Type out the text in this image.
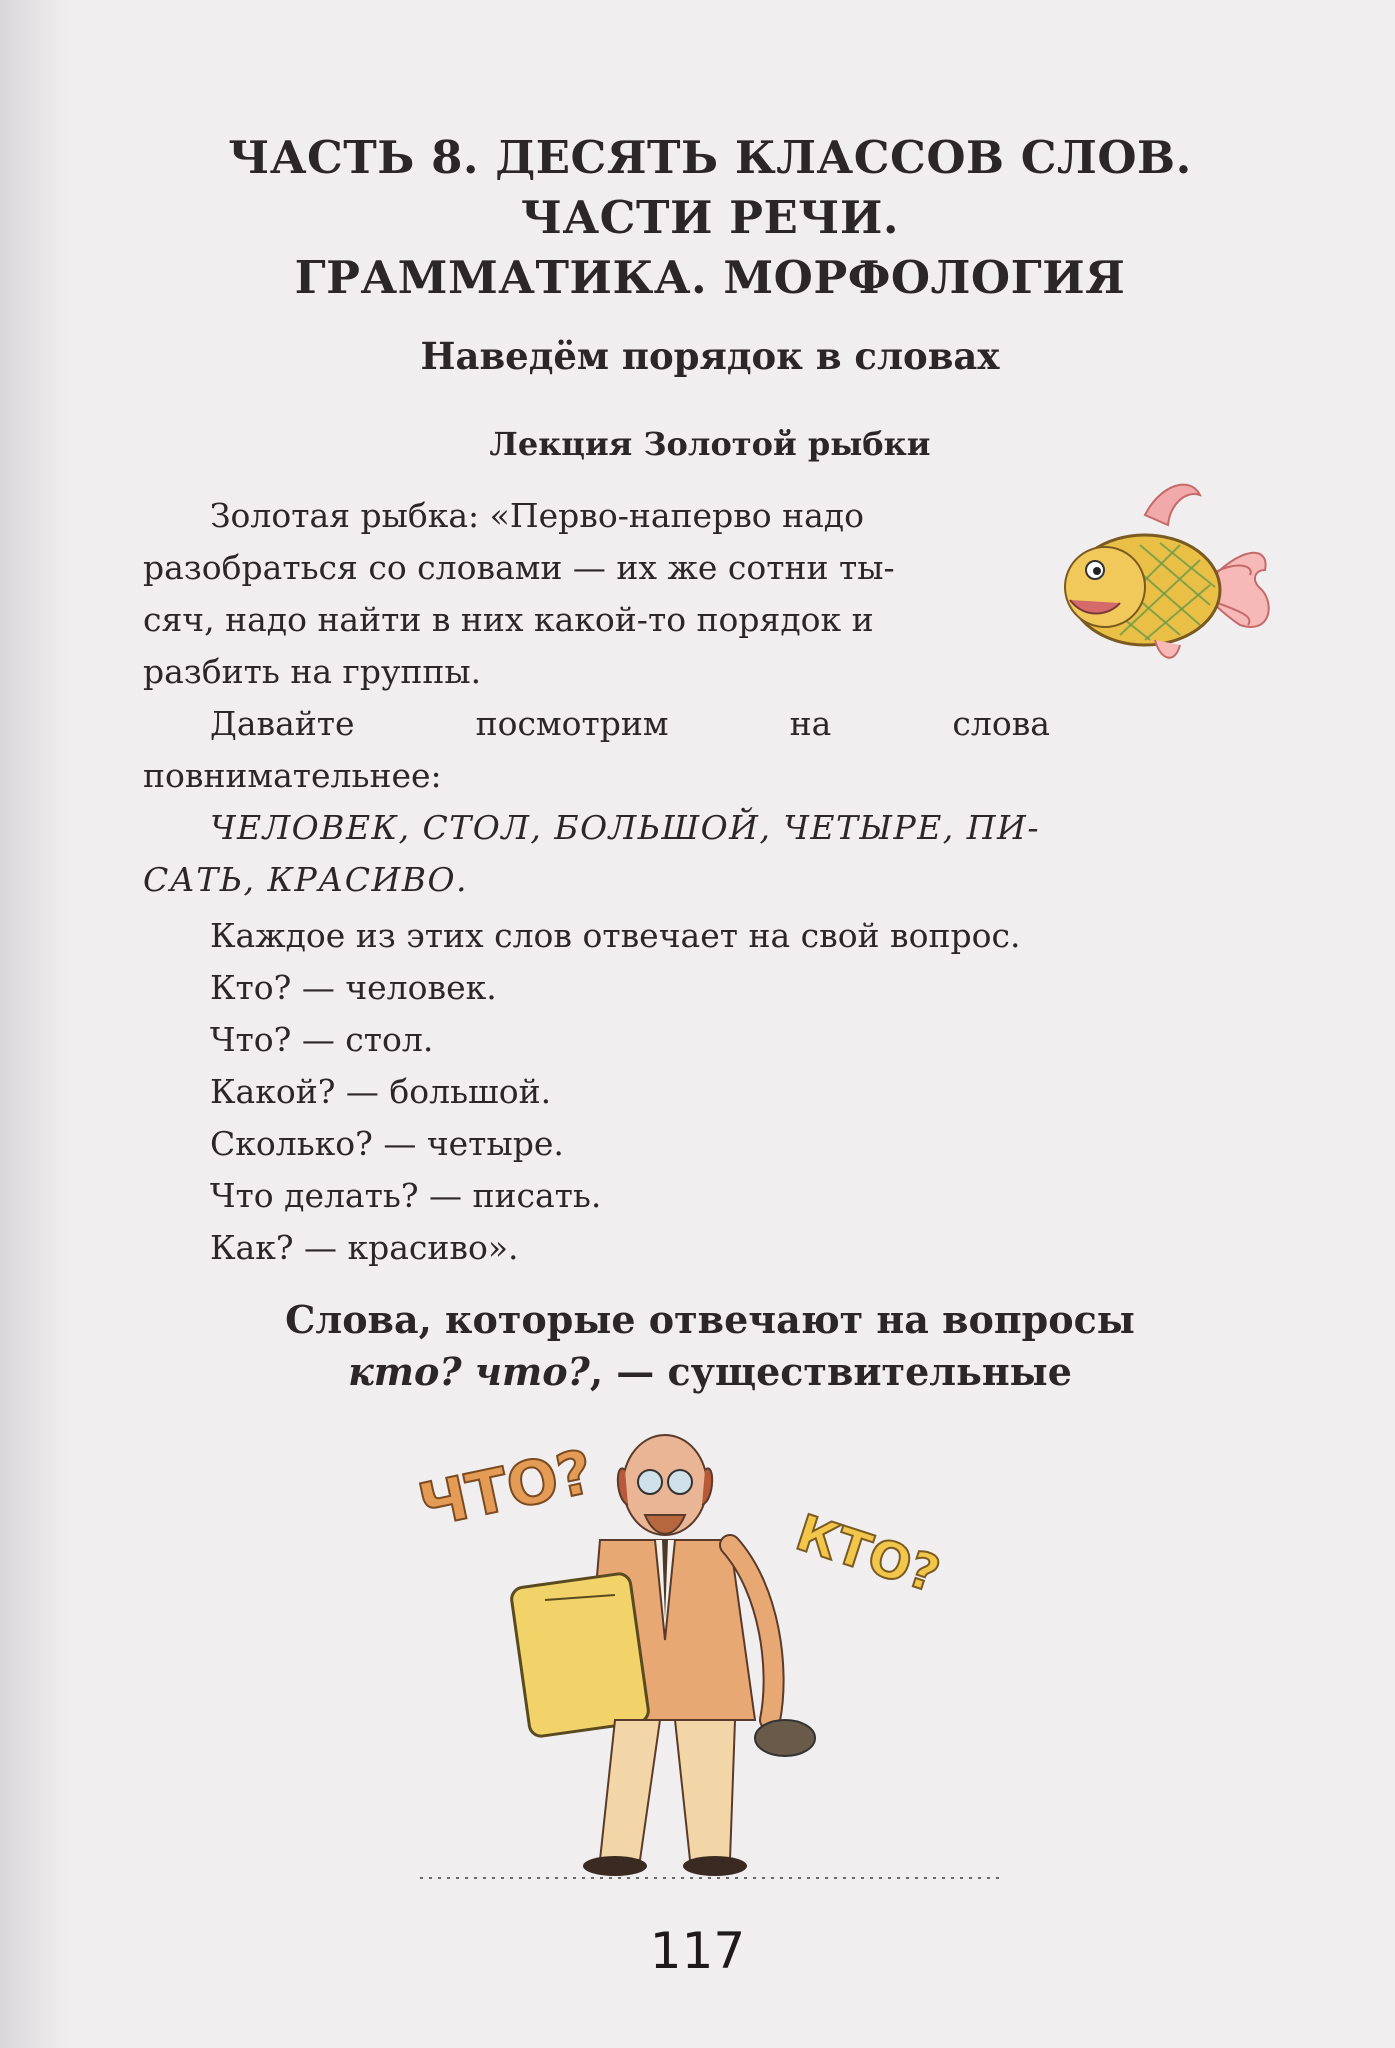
ЧАСТЬ 8. ДЕСЯТЬ КЛАССОВ СЛОВ.
ЧАСТИ РЕЧИ.
ГРАММАТИКА. МОРФОЛОГИЯ
Наведём порядок в словах
Лекция Золотой рыбки
Золотая рыбка: «Перво-наперво надо
разобраться со словами — их же сотни ты-
сяч, надо найти в них какой-то порядок и
разбить на группы.
Давайте	посмотрим	на	слова
повнимательнее:
ЧЕЛОВЕК, СТОЛ, БОЛЬШОЙ, ЧЕТЫРЕ, ПИ-
САТЬ, КРАСИВО.
Каждое из этих слов отвечает на свой вопрос.
Кто? — человек.
Что? — стол.
Какой? — большой.
Сколько? — четыре.
Что делать? — писать.
Как? — красиво».
Слова, которые отвечают на вопросы
кто? что?, — существительные
ЧТО?
КТО?
117
